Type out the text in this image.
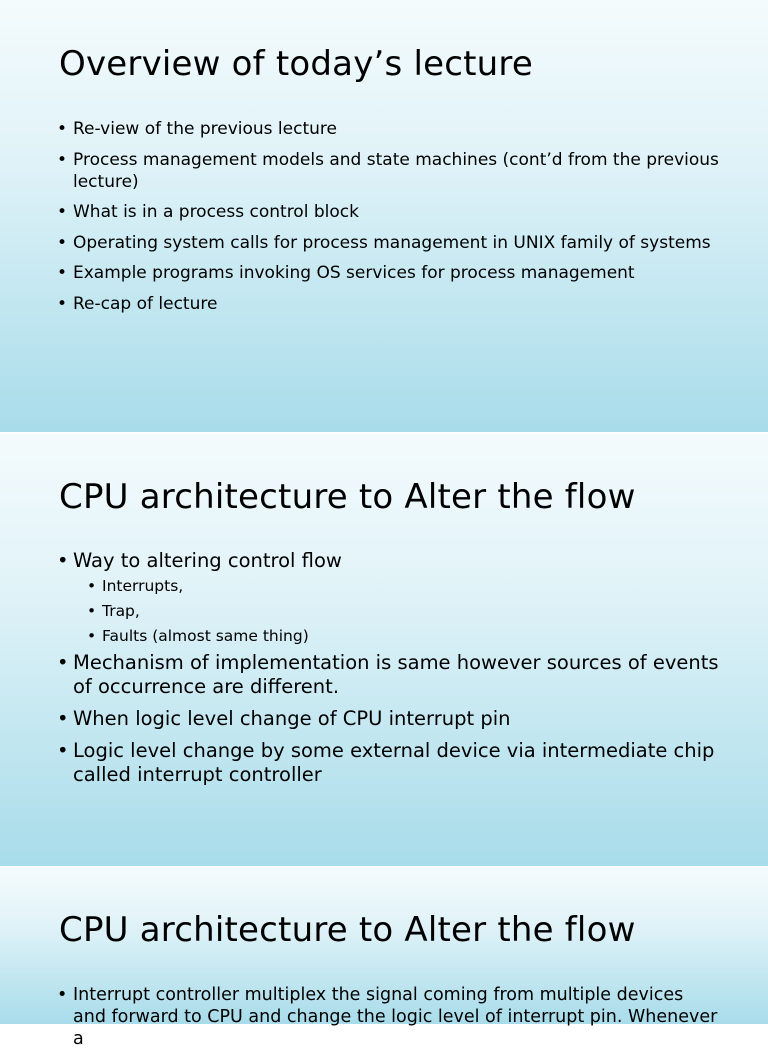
Overview of today’s lecture
• Re-view of the previous lecture
• Process management models and state machines (cont’d from the previous lecture)
• What is in a process control block
• Operating system calls for process management in UNIX family of systems
• Example programs invoking OS services for process management
• Re-cap of lecture
CPU architecture to Alter the flow
• Way to altering control flow
• Interrupts,
• Trap,
• Faults (almost same thing)
• Mechanism of implementation is same however sources of events of occurrence are different.
• When logic level change of CPU interrupt pin
• Logic level change by some external device via intermediate chip called interrupt controller
CPU architecture to Alter the flow
• Interrupt controller multiplex the signal coming from multiple devices and forward to CPU and change the logic level of interrupt pin. Whenever a
